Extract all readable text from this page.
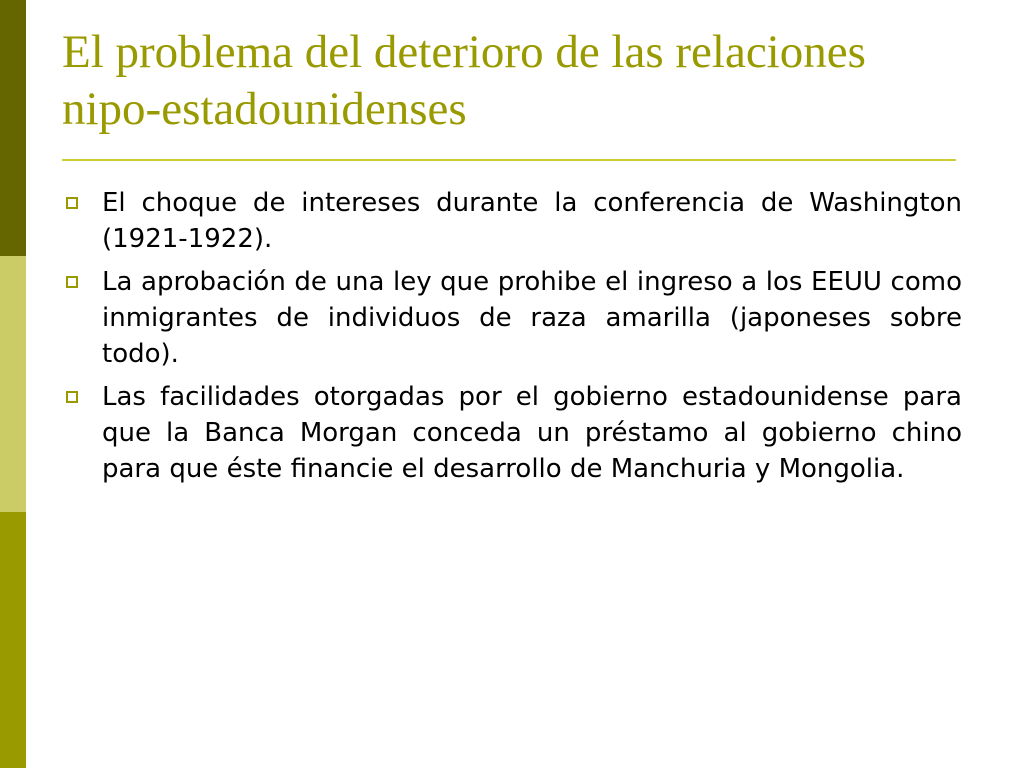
El problema del deterioro de las relaciones nipo-estadounidenses
El choque de intereses durante la conferencia de Washington (1921-1922).
La aprobación de una ley que prohibe el ingreso a los EEUU como inmigrantes de individuos de raza amarilla (japoneses sobre todo).
Las facilidades otorgadas por el gobierno estadounidense para que la Banca Morgan conceda un préstamo al gobierno chino para que éste financie el desarrollo de Manchuria y Mongolia.
